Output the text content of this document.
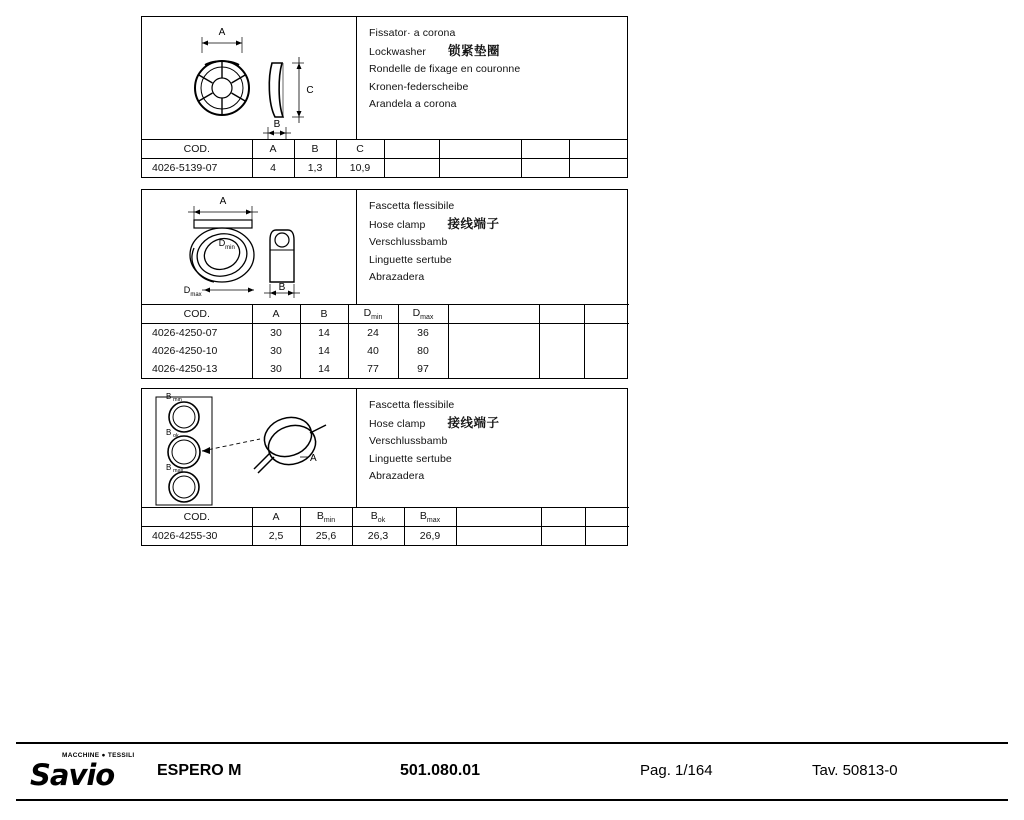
A
B
C
Fissator· a corona
Lockwasher 锁紧垫圈
Rondelle de fixage en couronne
Kronen-federscheibe
Arandela a corona
COD.	A	B	C				
4026-5139-07	4	1,3	10,9				
A
D min
D max
B
Fascetta flessibile
Hose clamp 接线端子
Verschlussbamb
Linguette sertube
Abrazadera
COD.	A	B	$D_{min}$	$D_{max}$			
4026-4250-07	30	14	24	36			
4026-4250-10	30	14	40	80			
4026-4250-13	30	14	77	97			
B min
B ok
B max
A
Fascetta flessibile
Hose clamp 接线端子
Verschlussbamb
Linguette sertube
Abrazadera
COD.	A	$B_{min}$	$B_{ok}$	$B_{max}$			
4026-4255-30	2,5	25,6	26,3	26,9			
MACCHINE ● TESSILI
Savio	ESPERO M	501.080.01	Pag. 1/164	Tav. 50813-0
